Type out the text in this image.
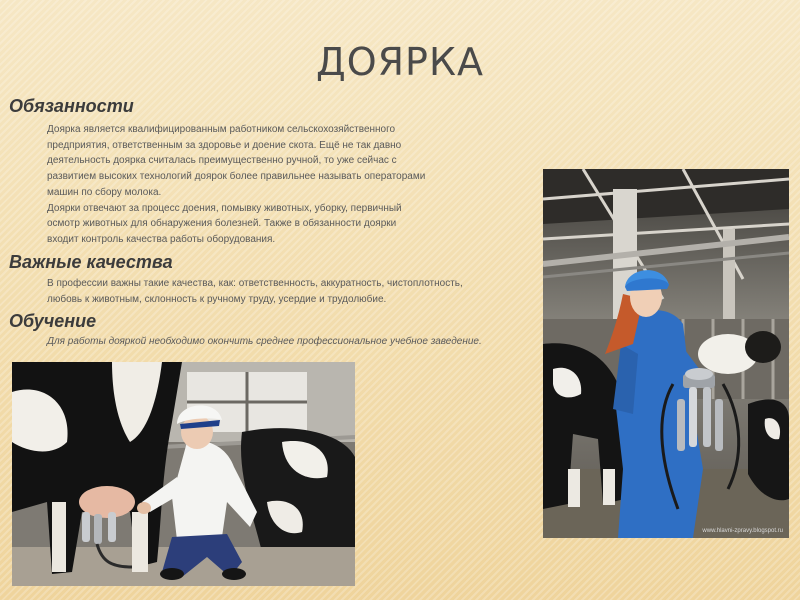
ДОЯРКА
Обязанности
Доярка является квалифицированным работником сельскохозяйственного
предприятия, ответственным за здоровье и доение скота. Ещё не так давно
деятельность доярка считалась преимущественно ручной, то уже сейчас с
развитием высоких технологий доярок более правильнее называть операторами
машин по сбору молока.
Доярки отвечают за процесс доения, помывку животных, уборку, первичный
осмотр животных для обнаружения болезней. Также в обязанности доярки
входит контроль качества работы оборудования.
Важные качества
В профессии важны такие качества, как: ответственность, аккуратность, чистоплотность,
любовь к животным, склонность к ручному труду, усердие и трудолюбие.
Обучение
Для работы дояркой необходимо окончить среднее профессиональное учебное заведение.
www.hlavni-zpravy.blogspot.ru
